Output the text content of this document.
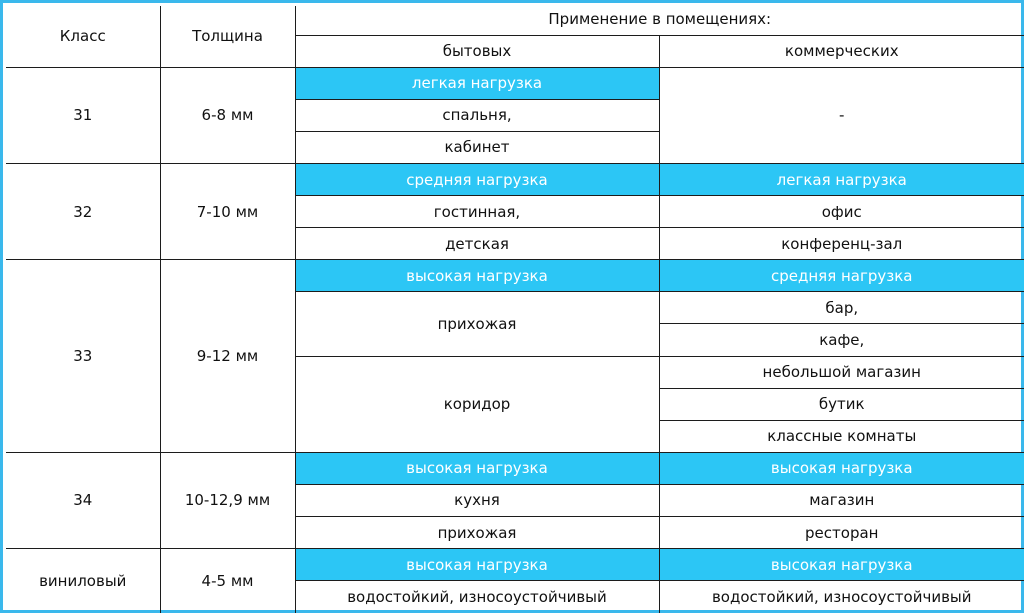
Класс	Толщина	Применение в помещениях:	
		бытовых	коммерческих
31	6-8 мм	легкая нагрузка	-
		спальня,	
		кабинет	
32	7-10 мм	средняя нагрузка	легкая нагрузка
		гостинная,	офис
		детская	конференц-зал
33	9-12 мм	высокая нагрузка	средняя нагрузка
		прихожая	бар,
			кафе,
		коридор	небольшой магазин
			бутик
			классные комнаты
34	10-12,9 мм	высокая нагрузка	высокая нагрузка
		кухня	магазин
		прихожая	ресторан
виниловый	4-5 мм	высокая нагрузка	высокая нагрузка
		водостойкий, износоустойчивый	водостойкий, износоустойчивый
